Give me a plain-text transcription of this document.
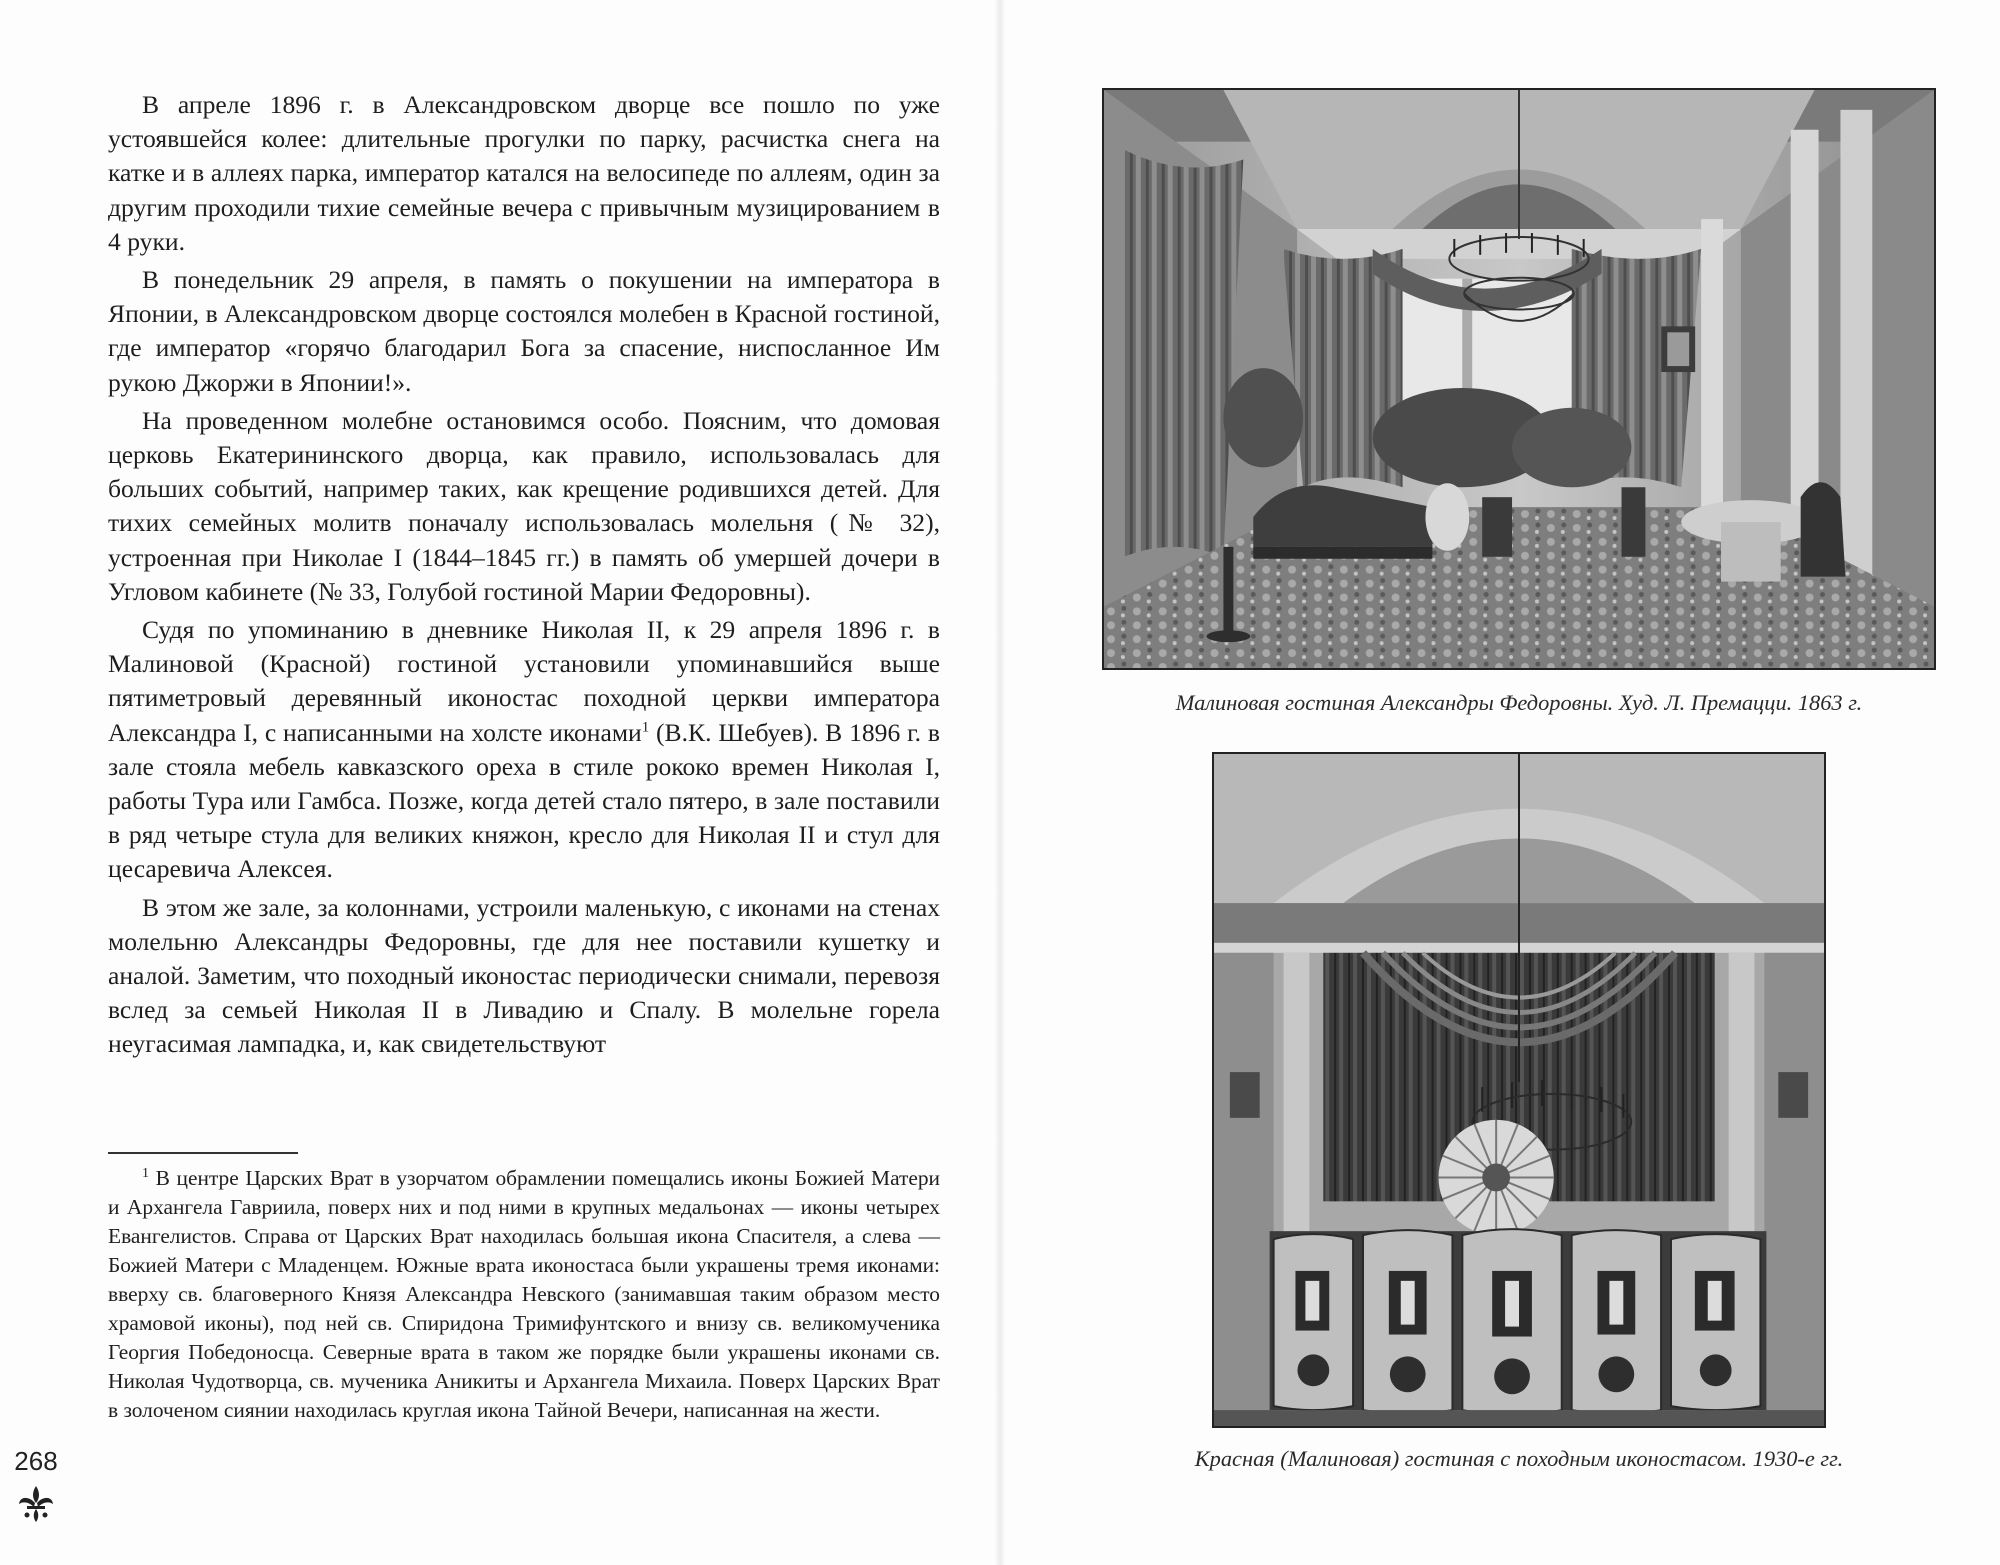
В апреле 1896 г. в Александровском дворце все пошло по уже устоявшейся колее: длительные прогулки по парку, расчистка снега на катке и в аллеях парка, император катался на велосипеде по аллеям, один за другим проходили тихие семейные вечера с привычным музицированием в 4 руки.

В понедельник 29 апреля, в память о покушении на императора в Японии, в Александровском дворце состоялся молебен в Красной гостиной, где император «горячо благодарил Бога за спасение, ниспосланное Им рукою Джоржи в Японии!».

На проведенном молебне остановимся особо. Поясним, что домовая церковь Екатерининского дворца, как правило, использовалась для больших событий, например таких, как крещение родившихся детей. Для тихих семейных молитв поначалу использовалась молельня (№ 32), устроенная при Николае I (1844–1845 гг.) в память об умершей дочери в Угловом кабинете (№ 33, Голубой гостиной Марии Федоровны).

Судя по упоминанию в дневнике Николая II, к 29 апреля 1896 г. в Малиновой (Красной) гостиной установили упоминавшийся выше пятиметровый деревянный иконостас походной церкви императора Александра I, с написанными на холсте иконами$^1$ (В.К. Шебуев). В 1896 г. в зале стояла мебель кавказского ореха в стиле рококо времен Николая I, работы Тура или Гамбса. Позже, когда детей стало пятеро, в зале поставили в ряд четыре стула для великих княжон, кресло для Николая II и стул для цесаревича Алексея.

В этом же зале, за колоннами, устроили маленькую, с иконами на стенах молельню Александры Федоровны, где для нее поставили кушетку и аналой. Заметим, что походный иконостас периодически снимали, перевозя вслед за семьей Николая II в Ливадию и Спалу. В молельне горела неугасимая лампадка, и, как свидетельствуют

$^1$ В центре Царских Врат в узорчатом обрамлении помещались иконы Божией Матери и Архангела Гавриила, поверх них и под ними в крупных медальонах — иконы четырех Евангелистов. Справа от Царских Врат находилась большая икона Спасителя, а слева — Божией Матери с Младенцем. Южные врата иконостаса были украшены тремя иконами: вверху св. благоверного Князя Александра Невского (занимавшая таким образом место храмовой иконы), под ней св. Спиридона Тримифунтского и внизу св. великомученика Георгия Победоносца. Северные врата в таком же порядке были украшены иконами св. Николая Чудотворца, св. мученика Аникиты и Архангела Михаила. Поверх Царских Врат в золоченом сиянии находилась круглая икона Тайной Вечери, написанная на жести.
268
Малиновая гостиная Александры Федоровны. Худ. Л. Премацци. 1863 г.
Красная (Малиновая) гостиная с походным иконостасом. 1930-е гг.
